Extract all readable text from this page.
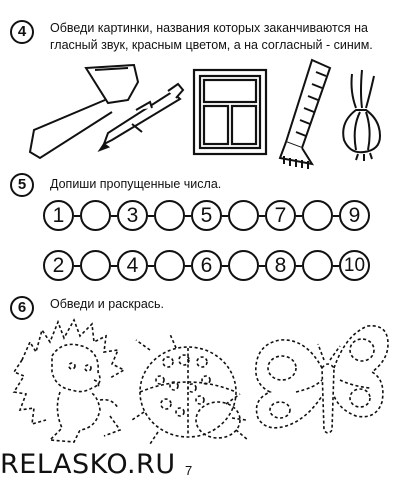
4	Обведи картинки, названия которых заканчиваются на
гласный звук, красным цветом, а на согласный - синим.
5	Допиши пропущенные числа.
1	3	5	7	9
2	4	6	8	10
6	Обведи и раскрась.
RELASKO.RU 7
